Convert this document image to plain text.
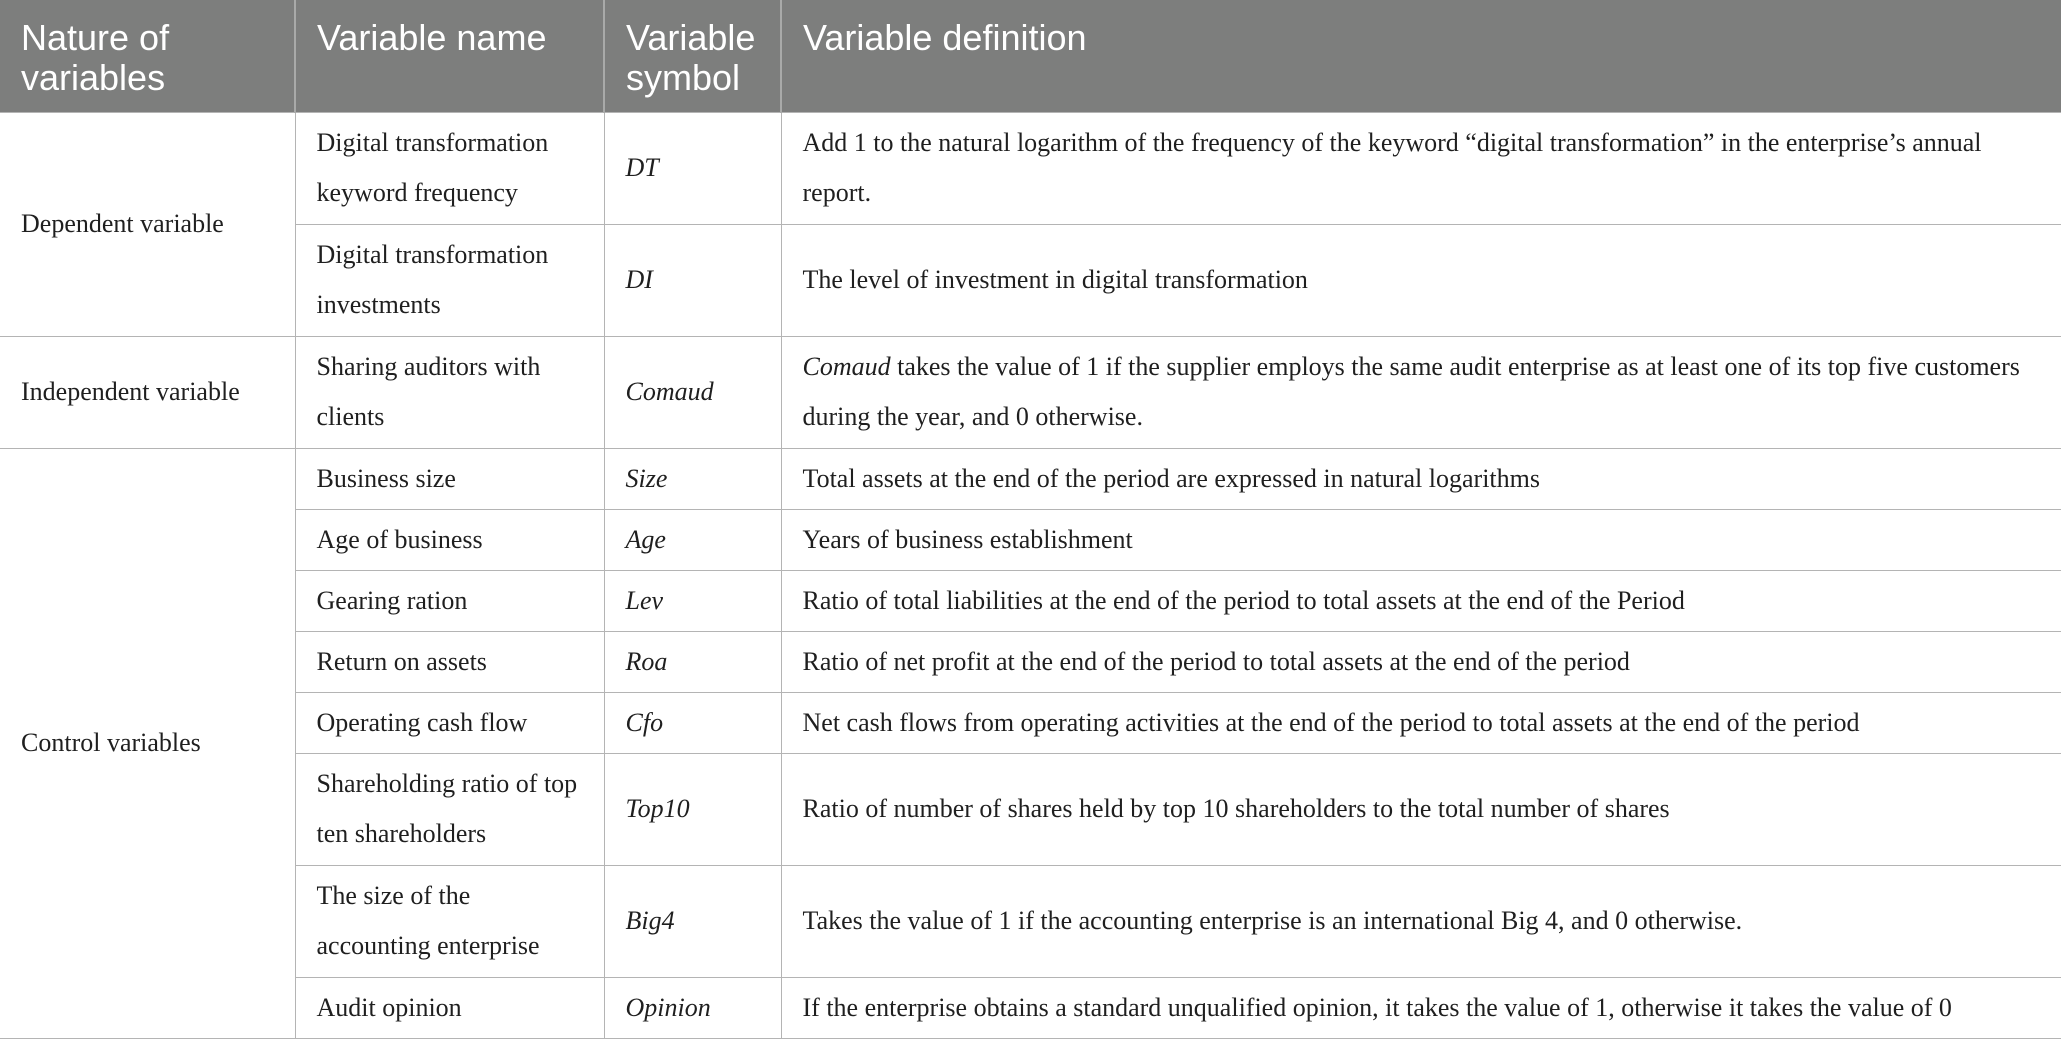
Nature of variables	Variable name	Variable symbol	Variable definition
Dependent variable	Digital transformation keyword frequency	DT	Add 1 to the natural logarithm of the frequency of the keyword “digital transformation” in the enterprise’s annual report.
	Digital transformation investments	DI	The level of investment in digital transformation
Independent variable	Sharing auditors with clients	Comaud	Comaud takes the value of 1 if the supplier employs the same audit enterprise as at least one of its top five customers during the year, and 0 otherwise.
Control variables	Business size	Size	Total assets at the end of the period are expressed in natural logarithms
	Age of business	Age	Years of business establishment
	Gearing ration	Lev	Ratio of total liabilities at the end of the period to total assets at the end of the Period
	Return on assets	Roa	Ratio of net profit at the end of the period to total assets at the end of the period
	Operating cash flow	Cfo	Net cash flows from operating activities at the end of the period to total assets at the end of the period
	Shareholding ratio of top ten shareholders	Top10	Ratio of number of shares held by top 10 shareholders to the total number of shares
	The size of the accounting enterprise	Big4	Takes the value of 1 if the accounting enterprise is an international Big 4, and 0 otherwise.
	Audit opinion	Opinion	If the enterprise obtains a standard unqualified opinion, it takes the value of 1, otherwise it takes the value of 0
